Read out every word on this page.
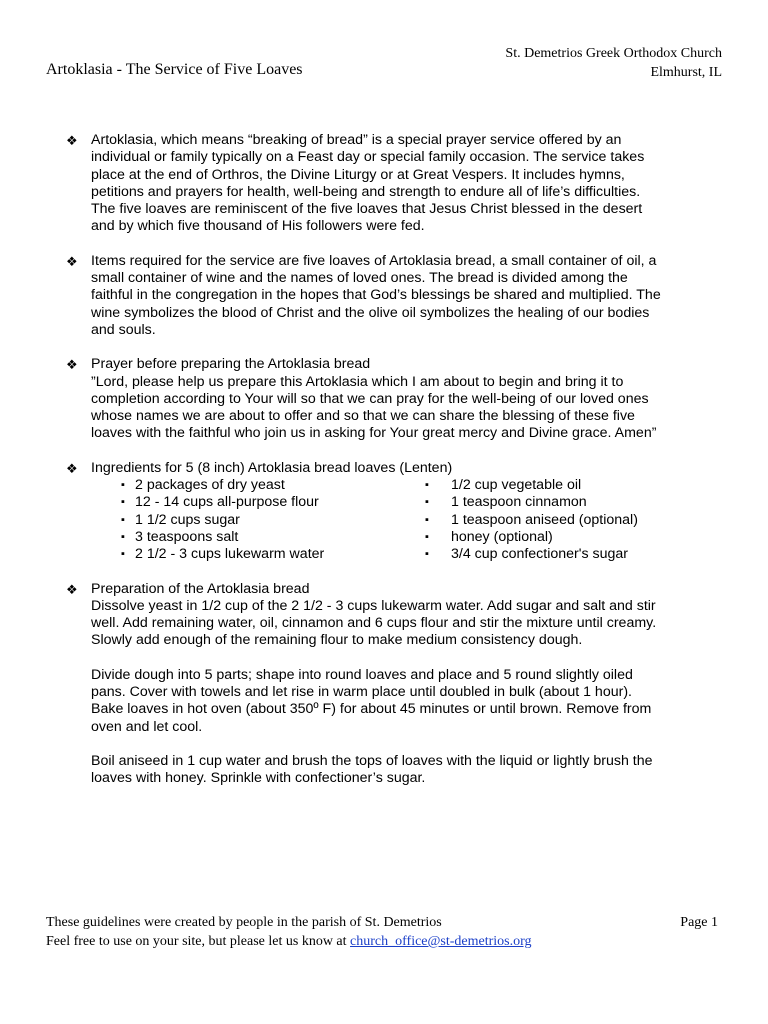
Artoklasia - The Service of Five Loaves
St. Demetrios Greek Orthodox Church
Elmhurst, IL
❖ Artoklasia, which means “breaking of bread” is a special prayer service offered by an individual or family typically on a Feast day or special family occasion. The service takes place at the end of Orthros, the Divine Liturgy or at Great Vespers. It includes hymns, petitions and prayers for health, well-being and strength to endure all of life’s difficulties. The five loaves are reminiscent of the five loaves that Jesus Christ blessed in the desert and by which five thousand of His followers were fed.

❖ Items required for the service are five loaves of Artoklasia bread, a small container of oil, a small container of wine and the names of loved ones. The bread is divided among the faithful in the congregation in the hopes that God’s blessings be shared and multiplied. The wine symbolizes the blood of Christ and the olive oil symbolizes the healing of our bodies and souls.

❖ Prayer before preparing the Artoklasia bread

”Lord, please help us prepare this Artoklasia which I am about to begin and bring it to completion according to Your will so that we can pray for the well-being of our loved ones whose names we are about to offer and so that we can share the blessing of these five loaves with the faithful who join us in asking for Your great mercy and Divine grace. Amen”

❖ Ingredients for 5 (8 inch) Artoklasia bread loaves (Lenten)

▪ 2 packages of dry yeast
▪ 12 - 14 cups all-purpose flour
▪ 1 1/2 cups sugar
▪ 3 teaspoons salt
▪ 2 1/2 - 3 cups lukewarm water
▪ 1/2 cup vegetable oil
▪ 1 teaspoon cinnamon
▪ 1 teaspoon aniseed (optional)
▪ honey (optional)
▪ 3/4 cup confectioner's sugar
❖ Preparation of the Artoklasia bread

Dissolve yeast in 1/2 cup of the 2 1/2 - 3 cups lukewarm water. Add sugar and salt and stir well. Add remaining water, oil, cinnamon and 6 cups flour and stir the mixture until creamy. Slowly add enough of the remaining flour to make medium consistency dough.

Divide dough into 5 parts; shape into round loaves and place and 5 round slightly oiled pans. Cover with towels and let rise in warm place until doubled in bulk (about 1 hour). Bake loaves in hot oven (about 350º F) for about 45 minutes or until brown. Remove from oven and let cool.

Boil aniseed in 1 cup water and brush the tops of loaves with the liquid or lightly brush the loaves with honey. Sprinkle with confectioner’s sugar.

These guidelines were created by people in the parish of St. Demetrios	Page 1
Feel free to use on your site, but please let us know at church_office@st-demetrios.org
